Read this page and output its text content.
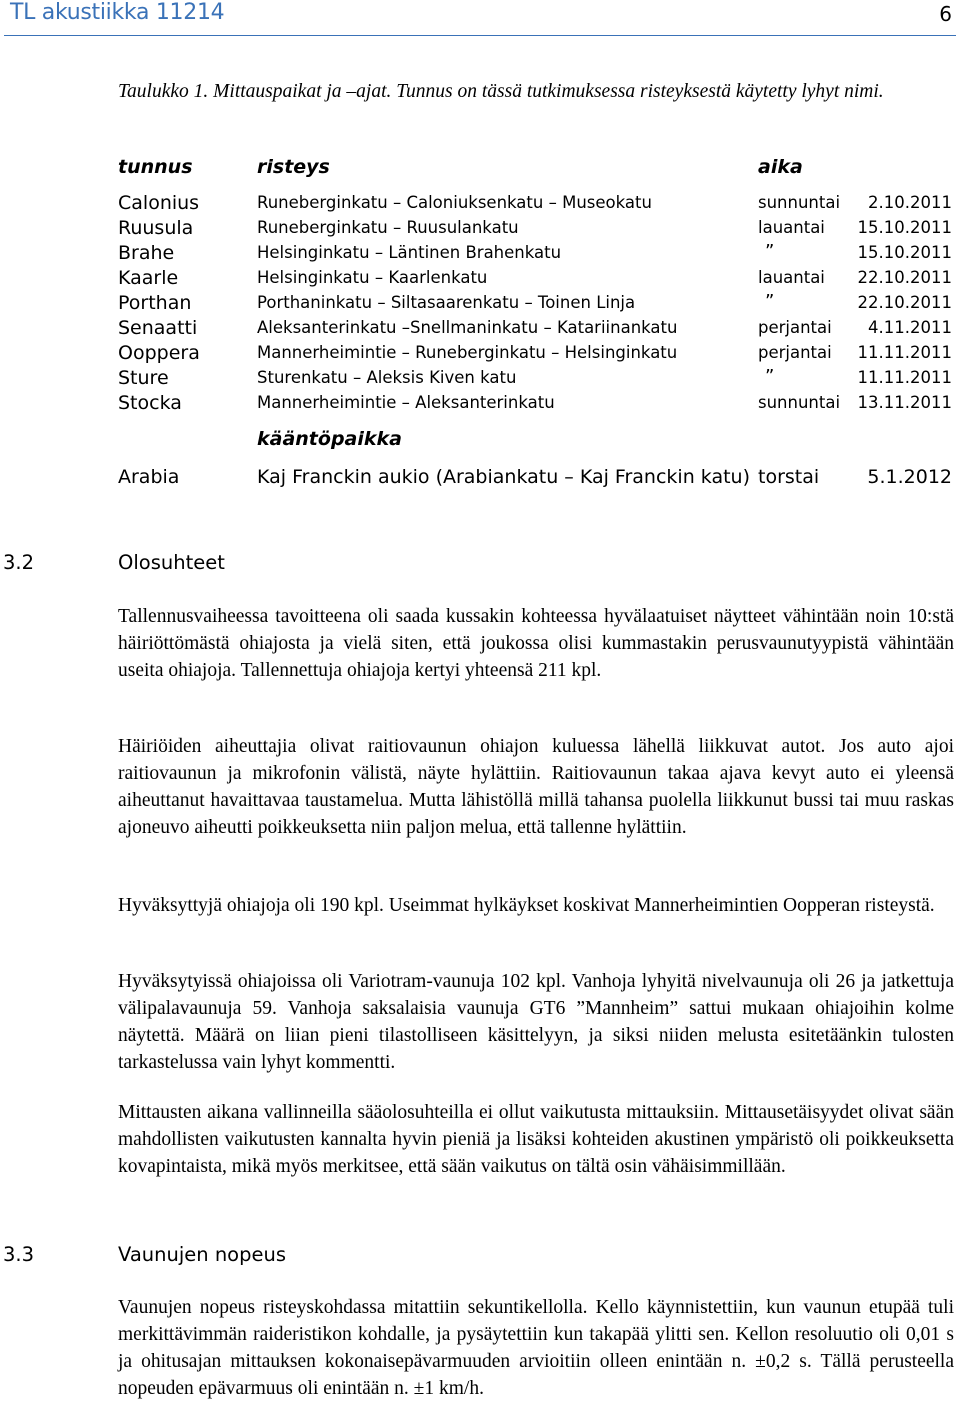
TL akustiikka 11214	6
Taulukko 1. Mittauspaikat ja –ajat. Tunnus on tässä tutkimuksessa risteyksestä käytetty lyhyt nimi.
tunnus	risteys	aika
Calonius	Runeberginkatu – Caloniuksenkatu – Museokatu	sunnuntai 2.10.2011
Ruusula	Runeberginkatu – Ruusulankatu	lauantai 15.10.2011
Brahe	Helsinginkatu – Läntinen Brahenkatu	”	15.10.2011
Kaarle	Helsinginkatu – Kaarlenkatu	lauantai 22.10.2011
Porthan	Porthaninkatu – Siltasaarenkatu – Toinen Linja	”	22.10.2011
Senaatti	Aleksanterinkatu –Snellmaninkatu – Katariinankatu	perjantai 4.11.2011
Ooppera	Mannerheimintie – Runeberginkatu – Helsinginkatu	perjantai 11.11.2011
Sture	Sturenkatu – Aleksis Kiven katu	”	11.11.2011
Stocka	Mannerheimintie – Aleksanterinkatu	sunnuntai 13.11.2011
kääntöpaikka
Arabia	Kaj Franckin aukio (Arabiankatu – Kaj Franckin katu) torstai	5.1.2012
3.2	Olosuhteet

Tallennusvaiheessa tavoitteena oli saada kussakin kohteessa hyvälaatuiset näytteet vähintään noin 10:stä häiriöttömästä ohiajosta ja vielä siten, että joukossa olisi kummastakin perusvaunutyypistä vähintään useita ohiajoja. Tallennettuja ohiajoja kertyi yhteensä 211 kpl.

Häiriöiden aiheuttajia olivat raitiovaunun ohiajon kuluessa lähellä liikkuvat autot. Jos auto ajoi raitiovaunun ja mikrofonin välistä, näyte hylättiin. Raitiovaunun takaa ajava kevyt auto ei yleensä aiheuttanut havaittavaa taustamelua. Mutta lähistöllä millä tahansa puolella liikkunut bussi tai muu raskas ajoneuvo aiheutti poikkeuksetta niin paljon melua, että tallenne hylättiin.

Hyväksyttyjä ohiajoja oli 190 kpl. Useimmat hylkäykset koskivat Mannerheimintien Oopperan risteystä.

Hyväksytyissä ohiajoissa oli Variotram-vaunuja 102 kpl. Vanhoja lyhyitä nivelvaunuja oli 26 ja jatkettuja välipalavaunuja 59. Vanhoja saksalaisia vaunuja GT6 ”Mannheim” sattui mukaan ohiajoihin kolme näytettä. Määrä on liian pieni tilastolliseen käsittelyyn, ja siksi niiden melusta esitetäänkin tulosten tarkastelussa vain lyhyt kommentti.

Mittausten aikana vallinneilla sääolosuhteilla ei ollut vaikutusta mittauksiin. Mittausetäisyydet olivat sään mahdollisten vaikutusten kannalta hyvin pieniä ja lisäksi kohteiden akustinen ympäristö oli poikkeuksetta kovapintaista, mikä myös merkitsee, että sään vaikutus on tältä osin vähäisimmillään.

3.3	Vaunujen nopeus

Vaunujen nopeus risteyskohdassa mitattiin sekuntikellolla. Kello käynnistettiin, kun vaunun etupää tuli merkittävimmän raideristikon kohdalle, ja pysäytettiin kun takapää ylitti sen. Kellon resoluutio oli 0,01 s ja ohitusajan mittauksen kokonaisepävarmuuden arvioitiin olleen enintään n. ±0,2 s. Tällä perusteella nopeuden epävarmuus oli enintään n. ±1 km/h.
